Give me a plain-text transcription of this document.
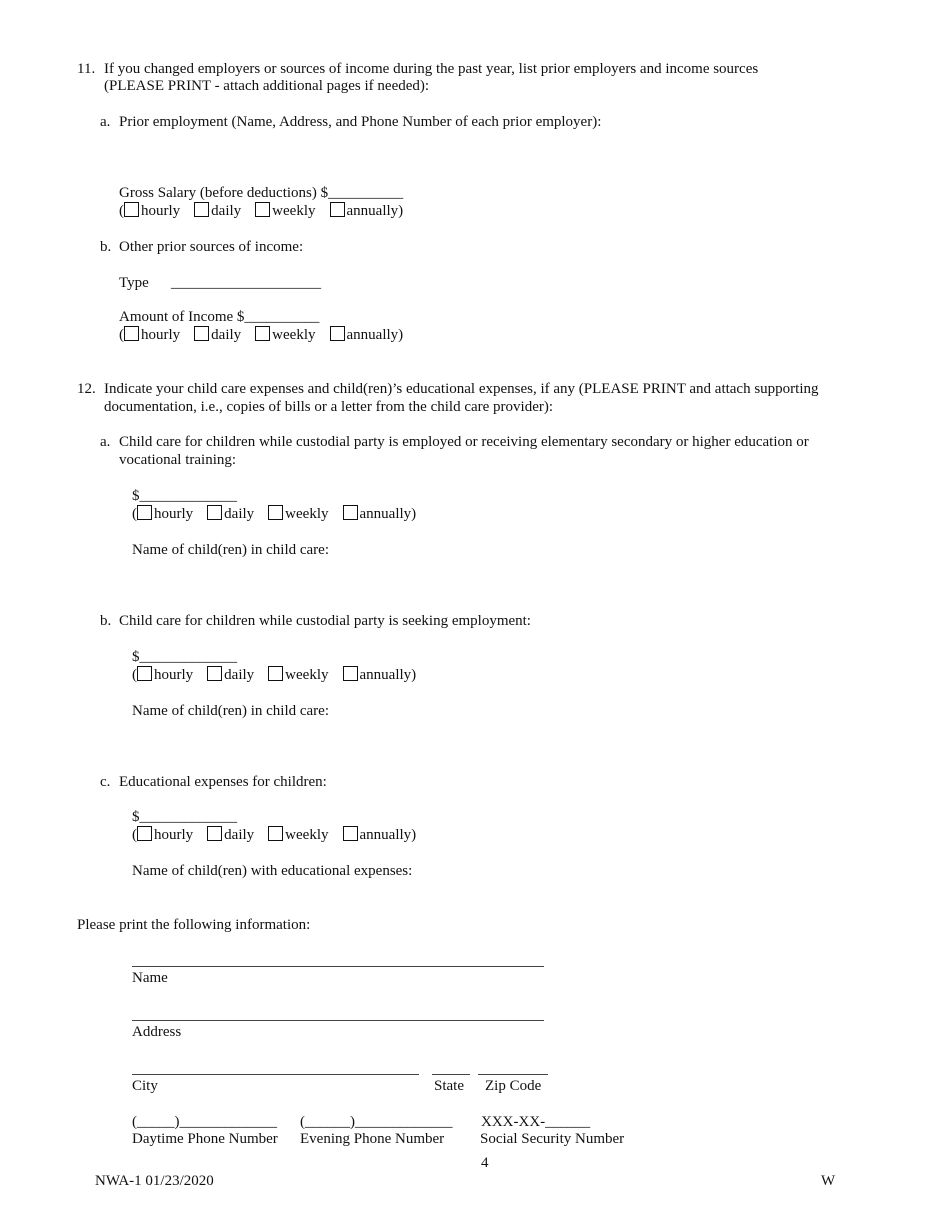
11. If you changed employers or sources of income during the past year, list prior employers and income sources
(PLEASE PRINT - attach additional pages if needed):
a. Prior employment (Name, Address, and Phone Number of each prior employer):
Gross Salary (before deductions) $__________
( hourly daily weekly annually)
b. Other prior sources of income:
Type ____________________
Amount of Income $__________
( hourly daily weekly annually)
12. Indicate your child care expenses and child(ren)’s educational expenses, if any (PLEASE PRINT and attach supporting
documentation, i.e., copies of bills or a letter from the child care provider):
a. Child care for children while custodial party is employed or receiving elementary secondary or higher education or
vocational training:
$_____________
( hourly daily weekly annually)
Name of child(ren) in child care:
b. Child care for children while custodial party is seeking employment:
$_____________
( hourly daily weekly annually)
Name of child(ren) in child care:
c. Educational expenses for children:
$_____________
( hourly daily weekly annually)
Name of child(ren) with educational expenses:
Please print the following information:
Name
Address
City	State Zip Code
(_____)_____________ (______)_____________ XXX-XX-______
Daytime Phone Number Evening Phone Number Social Security Number
4
NWA-1 01/23/2020	W
